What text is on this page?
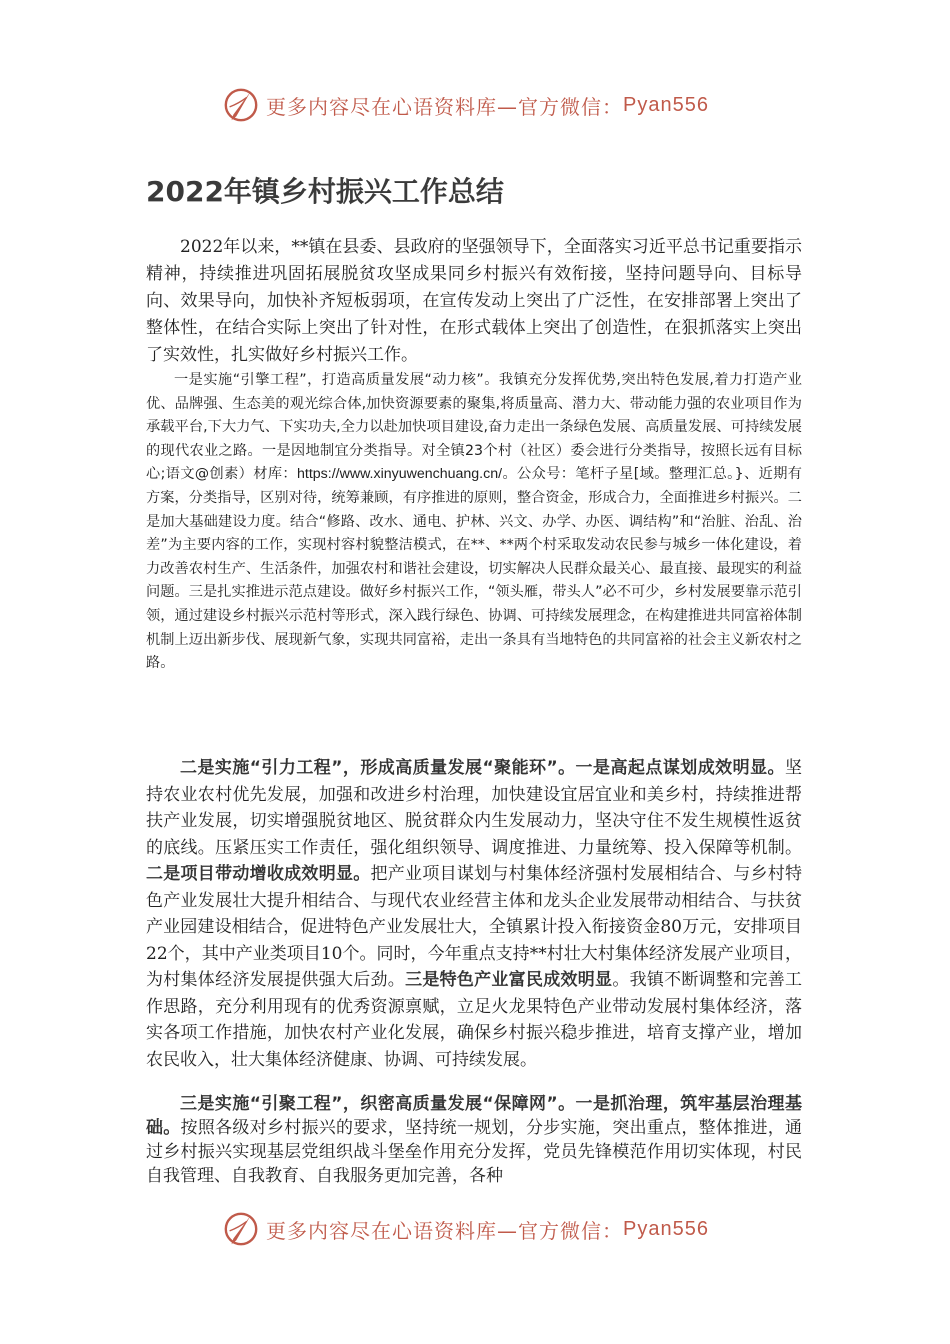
更多内容尽在心语资料库—官方微信： Pyan556
2022年镇乡村振兴工作总结

2022年以来，**镇在县委、县政府的坚强领导下，全面落实习近平总书记重要指示精神，持续推进巩固拓展脱贫攻坚成果同乡村振兴有效衔接，坚持问题导向、目标导向、效果导向，加快补齐短板弱项，在宣传发动上突出了广泛性，在安排部署上突出了整体性，在结合实际上突出了针对性，在形式载体上突出了创造性，在狠抓落实上突出了实效性，扎实做好乡村振兴工作。

一是实施“引擎工程”，打造高质量发展“动力核”。我镇充分发挥优势,突出特色发展,着力打造产业优、品牌强、生态美的观光综合体,加快资源要素的聚集,将质量高、潜力大、带动能力强的农业项目作为承载平台,下大力气、下实功夫,全力以赴加快项目建设,奋力走出一条绿色发展、高质量发展、可持续发展的现代农业之路。一是因地制宜分类指导。对全镇23个村（社区）委会进行分类指导，按照长远有目标心;语文@创素）材库：https://www.xinyuwenchuang.cn/。公众号：笔杆子星[域。整理汇总。}、近期有方案，分类指导，区别对待，统筹兼顾，有序推进的原则，整合资金，形成合力，全面推进乡村振兴。二是加大基础建设力度。结合“修路、改水、通电、护林、兴文、办学、办医、调结构”和“治脏、治乱、治差”为主要内容的工作，实现村容村貌整洁模式，在**、**两个村采取发动农民参与城乡一体化建设，着力改善农村生产、生活条件，加强农村和谐社会建设，切实解决人民群众最关心、最直接、最现实的利益问题。三是扎实推进示范点建设。做好乡村振兴工作，“领头雁，带头人”必不可少，乡村发展要靠示范引领，通过建设乡村振兴示范村等形式，深入践行绿色、协调、可持续发展理念，在构建推进共同富裕体制机制上迈出新步伐、展现新气象，实现共同富裕，走出一条具有当地特色的共同富裕的社会主义新农村之路。

二是实施“引力工程”，形成高质量发展“聚能环”。一是高起点谋划成效明显。坚持农业农村优先发展，加强和改进乡村治理，加快建设宜居宜业和美乡村，持续推进帮扶产业发展，切实增强脱贫地区、脱贫群众内生发展动力，坚决守住不发生规模性返贫的底线。压紧压实工作责任，强化组织领导、调度推进、力量统筹、投入保障等机制。二是项目带动增收成效明显。把产业项目谋划与村集体经济强村发展相结合、与乡村特色产业发展壮大提升相结合、与现代农业经营主体和龙头企业发展带动相结合、与扶贫产业园建设相结合，促进特色产业发展壮大，全镇累计投入衔接资金80万元，安排项目22个，其中产业类项目10个。同时，今年重点支持**村壮大村集体经济发展产业项目，为村集体经济发展提供强大后劲。三是特色产业富民成效明显。我镇不断调整和完善工作思路，充分利用现有的优秀资源禀赋，立足火龙果特色产业带动发展村集体经济，落实各项工作措施，加快农村产业化发展，确保乡村振兴稳步推进，培育支撑产业，增加农民收入，壮大集体经济健康、协调、可持续发展。

三是实施“引聚工程”，织密高质量发展“保障网”。一是抓治理，筑牢基层治理基础。按照各级对乡村振兴的要求，坚持统一规划，分步实施，突出重点，整体推进，通过乡村振兴实现基层党组织战斗堡垒作用充分发挥，党员先锋模范作用切实体现，村民自我管理、自我教育、自我服务更加完善，各种

更多内容尽在心语资料库—官方微信： Pyan556
